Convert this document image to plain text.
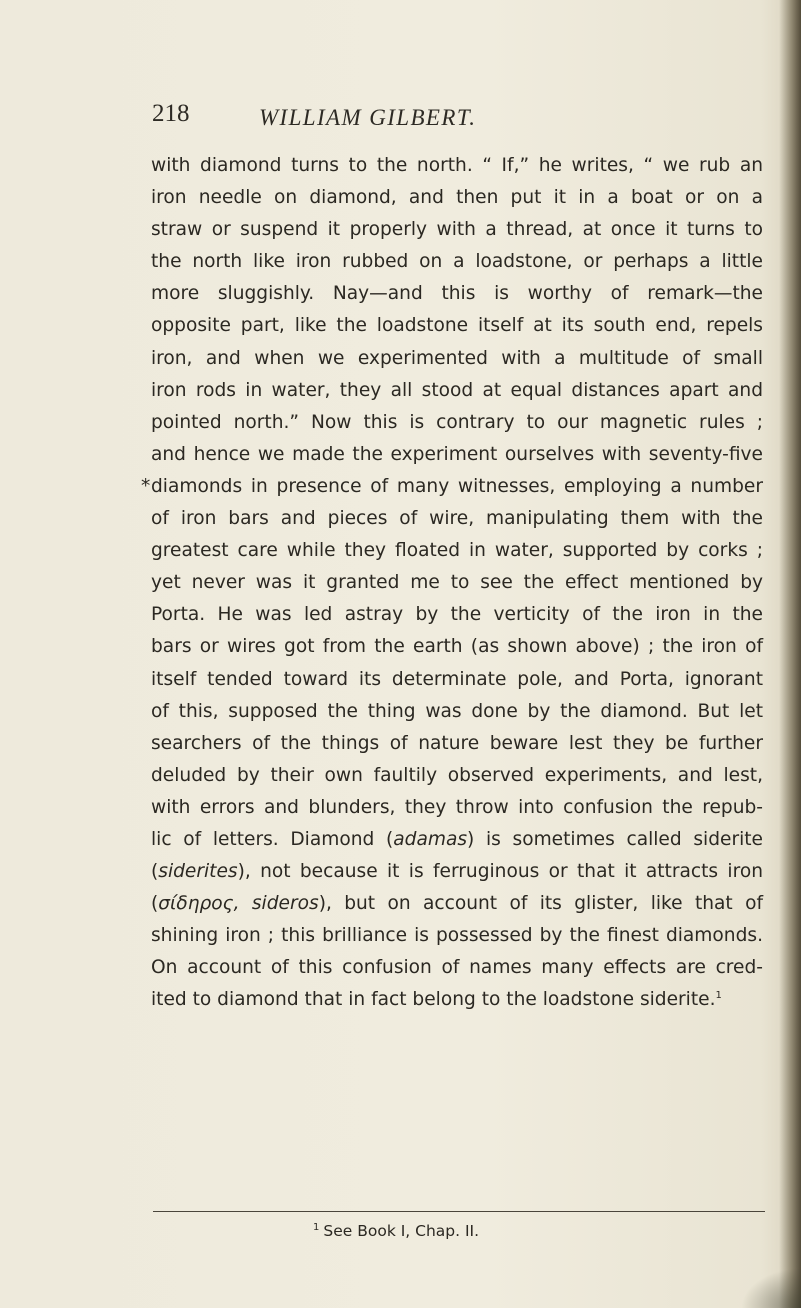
218	WILLIAM GILBERT.
with diamond turns to the north. “ If,” he writes, “ we rub an
iron needle on diamond, and then put it in a boat or on a
straw or suspend it properly with a thread, at once it turns to
the north like iron rubbed on a loadstone, or perhaps a little
more sluggishly. Nay—and this is worthy of remark—the
opposite part, like the loadstone itself at its south end, repels
iron, and when we experimented with a multitude of small
iron rods in water, they all stood at equal distances apart and
pointed north.” Now this is contrary to our magnetic rules ;
and hence we made the experiment ourselves with seventy-five
* diamonds in presence of many witnesses, employing a number
of iron bars and pieces of wire, manipulating them with the
greatest care while they floated in water, supported by corks ;
yet never was it granted me to see the effect mentioned by
Porta. He was led astray by the verticity of the iron in the
bars or wires got from the earth (as shown above) ; the iron of
itself tended toward its determinate pole, and Porta, ignorant
of this, supposed the thing was done by the diamond. But let
searchers of the things of nature beware lest they be further
deluded by their own faultily observed experiments, and lest,
with errors and blunders, they throw into confusion the repub-
lic of letters. Diamond (adamas) is sometimes called siderite
(siderites), not because it is ferruginous or that it attracts iron
(σίδηρος, sideros), but on account of its glister, like that of
shining iron ; this brilliance is possessed by the finest diamonds.
On account of this confusion of names many effects are cred-
ited to diamond that in fact belong to the loadstone siderite.$^1$
$^1$ See Book I, Chap. II.
